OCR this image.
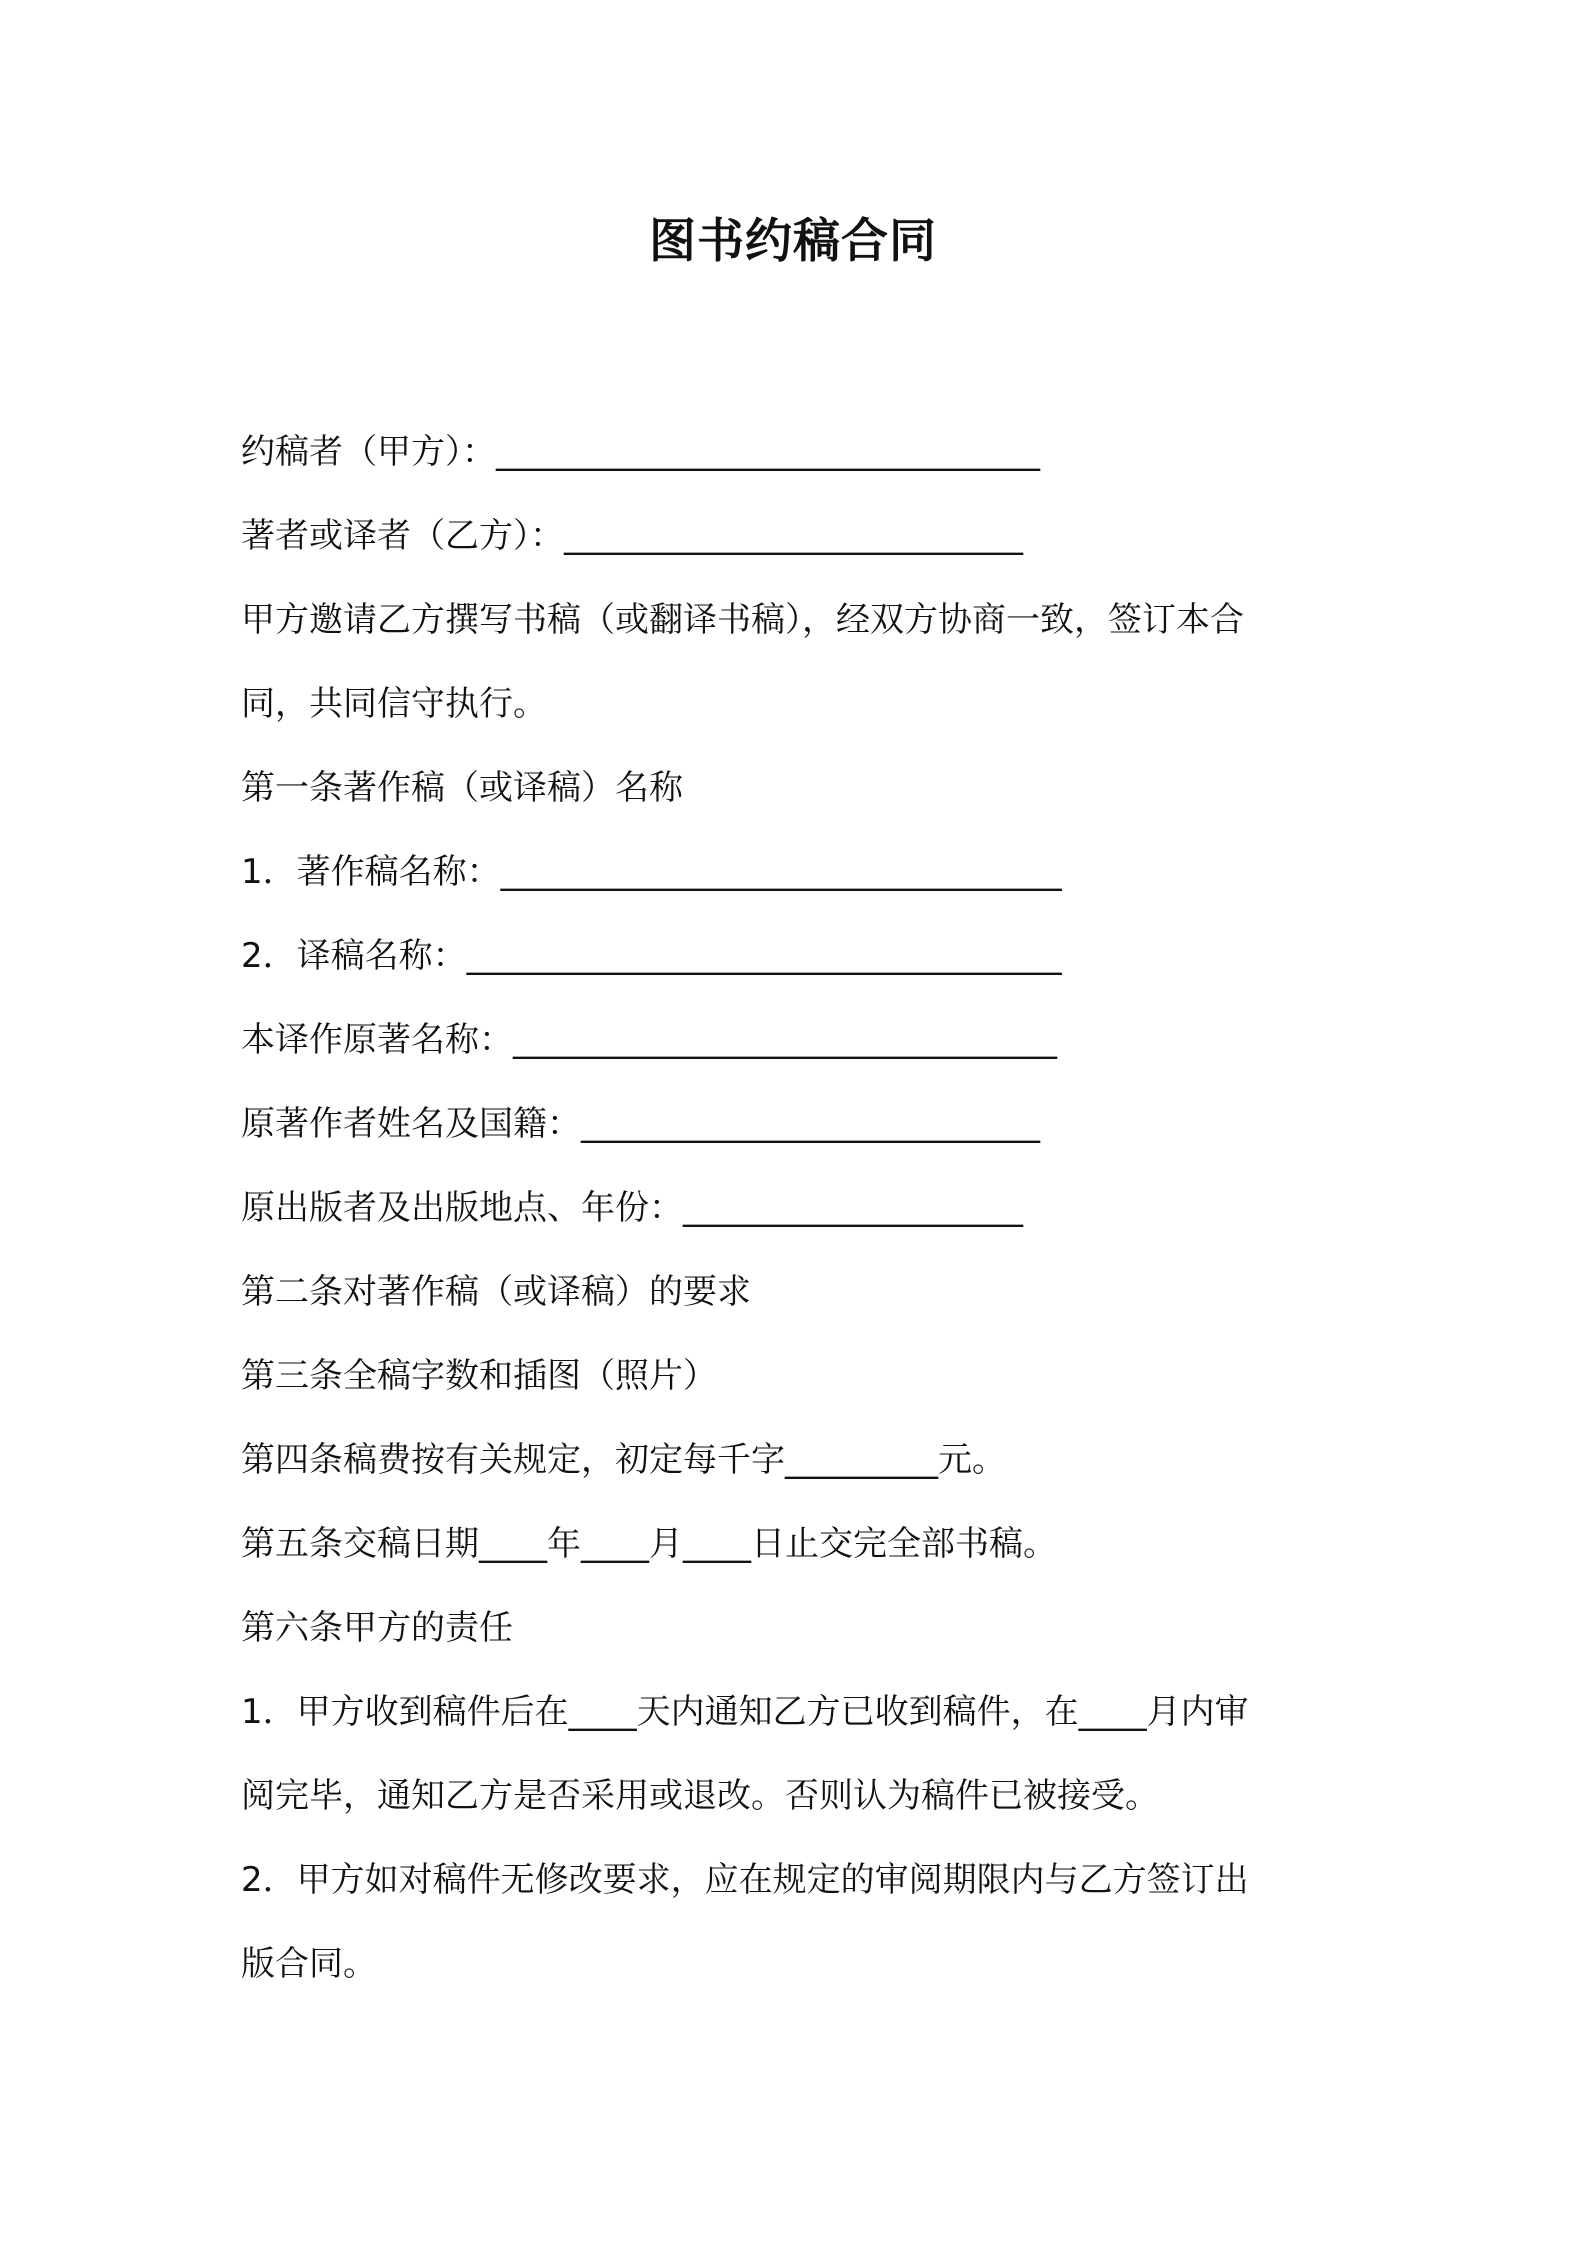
图书约稿合同
约稿者（甲方）：________________________________
著者或译者（乙方）：___________________________
甲方邀请乙方撰写书稿（或翻译书稿），经双方协商一致，签订本合
同，共同信守执行。
第一条著作稿（或译稿）名称
1．著作稿名称：_________________________________
2．译稿名称：___________________________________
本译作原著名称：________________________________
原著作者姓名及国籍：___________________________
原出版者及出版地点、年份：____________________
第二条对著作稿（或译稿）的要求
第三条全稿字数和插图（照片）
第四条稿费按有关规定，初定每千字_________元。
第五条交稿日期____年____月____日止交完全部书稿。
第六条甲方的责任
1．甲方收到稿件后在____天内通知乙方已收到稿件，在____月内审
阅完毕，通知乙方是否采用或退改。否则认为稿件已被接受。
2．甲方如对稿件无修改要求，应在规定的审阅期限内与乙方签订出
版合同。
